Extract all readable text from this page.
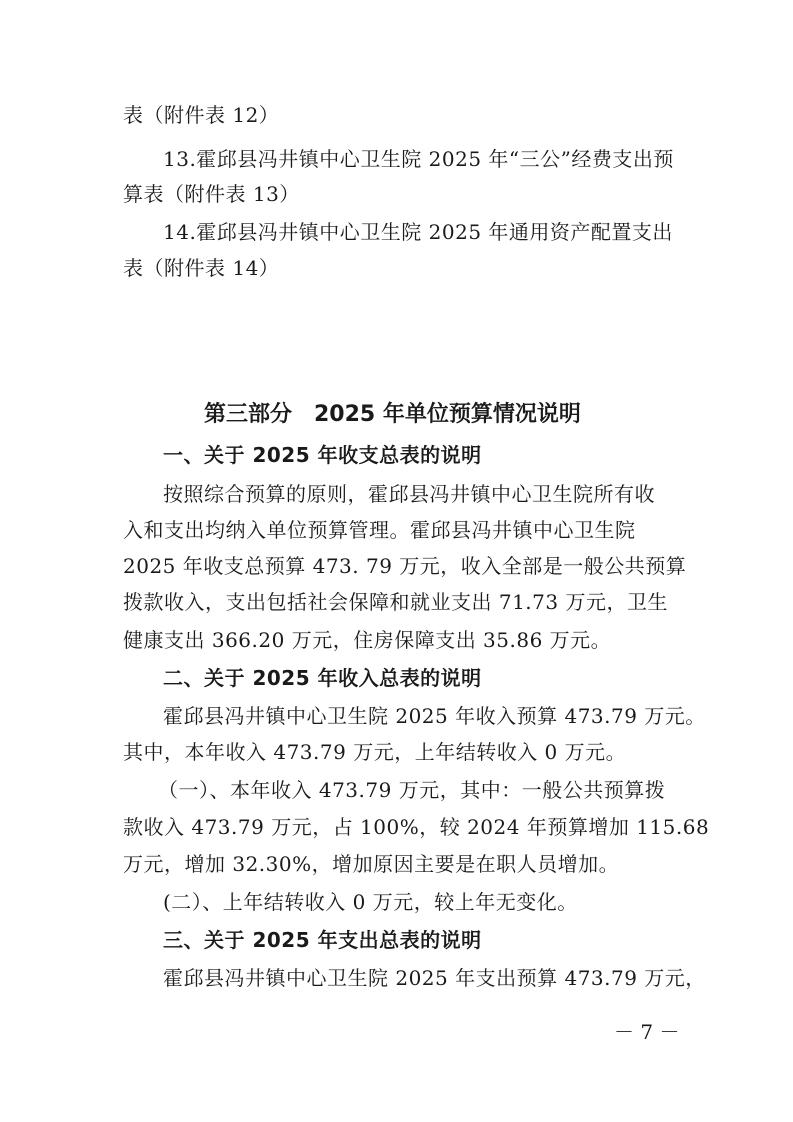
表（附件表 12）
13.霍邱县冯井镇中心卫生院 2025 年“三公”经费支出预
算表（附件表 13）
14.霍邱县冯井镇中心卫生院 2025 年通用资产配置支出
表（附件表 14）
第三部分　2025 年单位预算情况说明
一、关于 2025 年收支总表的说明
按照综合预算的原则，霍邱县冯井镇中心卫生院所有收
入和支出均纳入单位预算管理。霍邱县冯井镇中心卫生院
2025 年收支总预算 473. 79 万元，收入全部是一般公共预算
拨款收入，支出包括社会保障和就业支出 71.73 万元，卫生
健康支出 366.20 万元，住房保障支出 35.86 万元。
二、关于 2025 年收入总表的说明
霍邱县冯井镇中心卫生院 2025 年收入预算 473.79 万元。
其中，本年收入 473.79 万元，上年结转收入 0 万元。
（一）、本年收入 473.79 万元，其中：一般公共预算拨
款收入 473.79 万元，占 100%，较 2024 年预算增加 115.68
万元，增加 32.30%，增加原因主要是在职人员增加。
(二）、上年结转收入 0 万元，较上年无变化。
三、关于 2025 年支出总表的说明
霍邱县冯井镇中心卫生院 2025 年支出预算 473.79 万元，
－ 7 －
